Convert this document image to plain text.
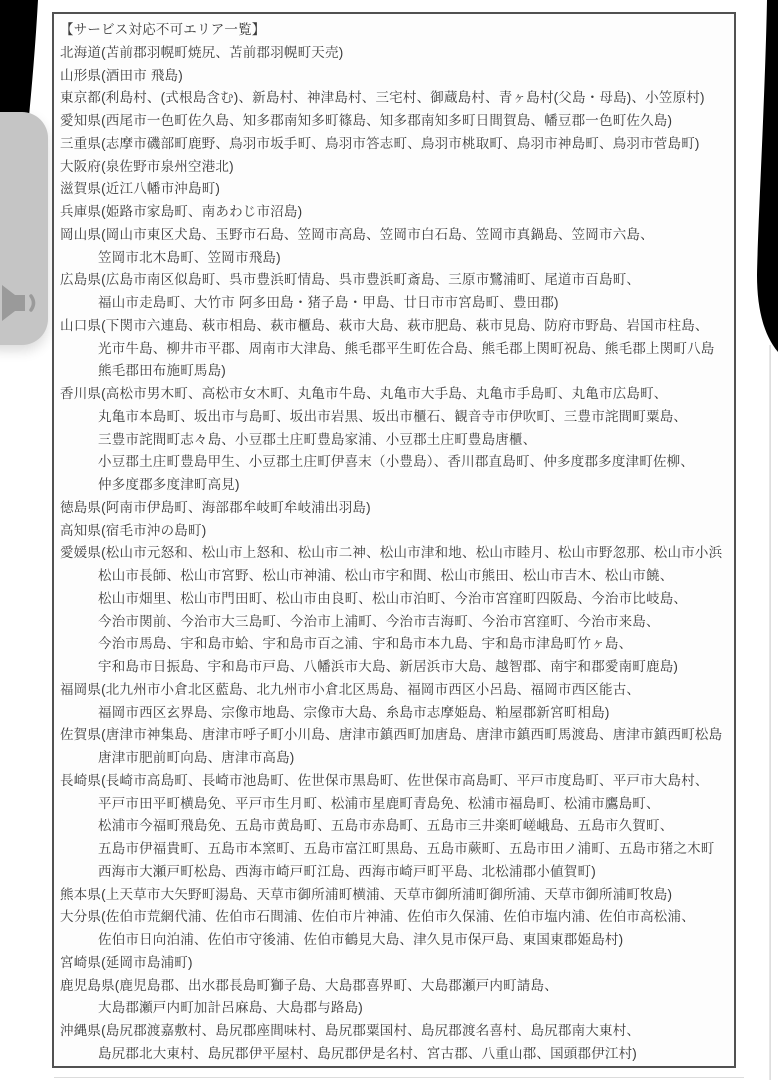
【サービス対応不可エリア一覧】
北海道(苫前郡羽幌町焼尻、苫前郡羽幌町天売)
山形県(酒田市 飛島)
東京都(利島村、(式根島含む)、新島村、神津島村、三宅村、御蔵島村、青ヶ島村(父島・母島)、小笠原村)
愛知県(西尾市一色町佐久島、知多郡南知多町篠島、知多郡南知多町日間賀島、幡豆郡一色町佐久島)
三重県(志摩市磯部町鹿野、鳥羽市坂手町、鳥羽市答志町、鳥羽市桃取町、鳥羽市神島町、鳥羽市菅島町)
大阪府(泉佐野市泉州空港北)
滋賀県(近江八幡市沖島町)
兵庫県(姫路市家島町、南あわじ市沼島)
岡山県(岡山市東区犬島、玉野市石島、笠岡市高島、笠岡市白石島、笠岡市真鍋島、笠岡市六島、
笠岡市北木島町、笠岡市飛島)
広島県(広島市南区似島町、呉市豊浜町情島、呉市豊浜町斎島、三原市鷺浦町、尾道市百島町、
福山市走島町、大竹市 阿多田島・猪子島・甲島、廿日市市宮島町、豊田郡)
山口県(下関市六連島、萩市相島、萩市櫃島、萩市大島、萩市肥島、萩市見島、防府市野島、岩国市柱島、
光市牛島、柳井市平郡、周南市大津島、熊毛郡平生町佐合島、熊毛郡上関町祝島、熊毛郡上関町八島
熊毛郡田布施町馬島)
香川県(高松市男木町、高松市女木町、丸亀市牛島、丸亀市大手島、丸亀市手島町、丸亀市広島町、
丸亀市本島町、坂出市与島町、坂出市岩黒、坂出市櫃石、観音寺市伊吹町、三豊市詫間町粟島、
三豊市詫間町志々島、小豆郡土庄町豊島家浦、小豆郡土庄町豊島唐櫃、
小豆郡土庄町豊島甲生、小豆郡土庄町伊喜末（小豊島）、香川郡直島町、仲多度郡多度津町佐柳、
仲多度郡多度津町高見)
徳島県(阿南市伊島町、海部郡牟岐町牟岐浦出羽島)
高知県(宿毛市沖の島町)
愛媛県(松山市元怒和、松山市上怒和、松山市二神、松山市津和地、松山市睦月、松山市野忽那、松山市小浜
松山市長師、松山市宮野、松山市神浦、松山市宇和間、松山市熊田、松山市吉木、松山市饒、
松山市畑里、松山市門田町、松山市由良町、松山市泊町、今治市宮窪町四阪島、今治市比岐島、
今治市関前、今治市大三島町、今治市上浦町、今治市吉海町、今治市宮窪町、今治市来島、
今治市馬島、宇和島市蛤、宇和島市百之浦、宇和島市本九島、宇和島市津島町竹ヶ島、
宇和島市日振島、宇和島市戸島、八幡浜市大島、新居浜市大島、越智郡、南宇和郡愛南町鹿島)
福岡県(北九州市小倉北区藍島、北九州市小倉北区馬島、福岡市西区小呂島、福岡市西区能古、
福岡市西区玄界島、宗像市地島、宗像市大島、糸島市志摩姫島、粕屋郡新宮町相島)
佐賀県(唐津市神集島、唐津市呼子町小川島、唐津市鎮西町加唐島、唐津市鎮西町馬渡島、唐津市鎮西町松島
唐津市肥前町向島、唐津市高島)
長崎県(長崎市高島町、長崎市池島町、佐世保市黒島町、佐世保市高島町、平戸市度島町、平戸市大島村、
平戸市田平町横島免、平戸市生月町、松浦市星鹿町青島免、松浦市福島町、松浦市鷹島町、
松浦市今福町飛島免、五島市黄島町、五島市赤島町、五島市三井楽町嵯峨島、五島市久賀町、
五島市伊福貴町、五島市本窯町、五島市富江町黒島、五島市蕨町、五島市田ノ浦町、五島市猪之木町
西海市大瀬戸町松島、西海市崎戸町江島、西海市崎戸町平島、北松浦郡小値賀町)
熊本県(上天草市大矢野町湯島、天草市御所浦町横浦、天草市御所浦町御所浦、天草市御所浦町牧島)
大分県(佐伯市荒網代浦、佐伯市石間浦、佐伯市片神浦、佐伯市久保浦、佐伯市塩内浦、佐伯市高松浦、
佐伯市日向泊浦、佐伯市守後浦、佐伯市鶴見大島、津久見市保戸島、東国東郡姫島村)
宮崎県(延岡市島浦町)
鹿児島県(鹿児島郡、出水郡長島町獅子島、大島郡喜界町、大島郡瀬戸内町請島、
大島郡瀬戸内町加計呂麻島、大島郡与路島)
沖縄県(島尻郡渡嘉敷村、島尻郡座間味村、島尻郡粟国村、島尻郡渡名喜村、島尻郡南大東村、
島尻郡北大東村、島尻郡伊平屋村、島尻郡伊是名村、宮古郡、八重山郡、国頭郡伊江村)
